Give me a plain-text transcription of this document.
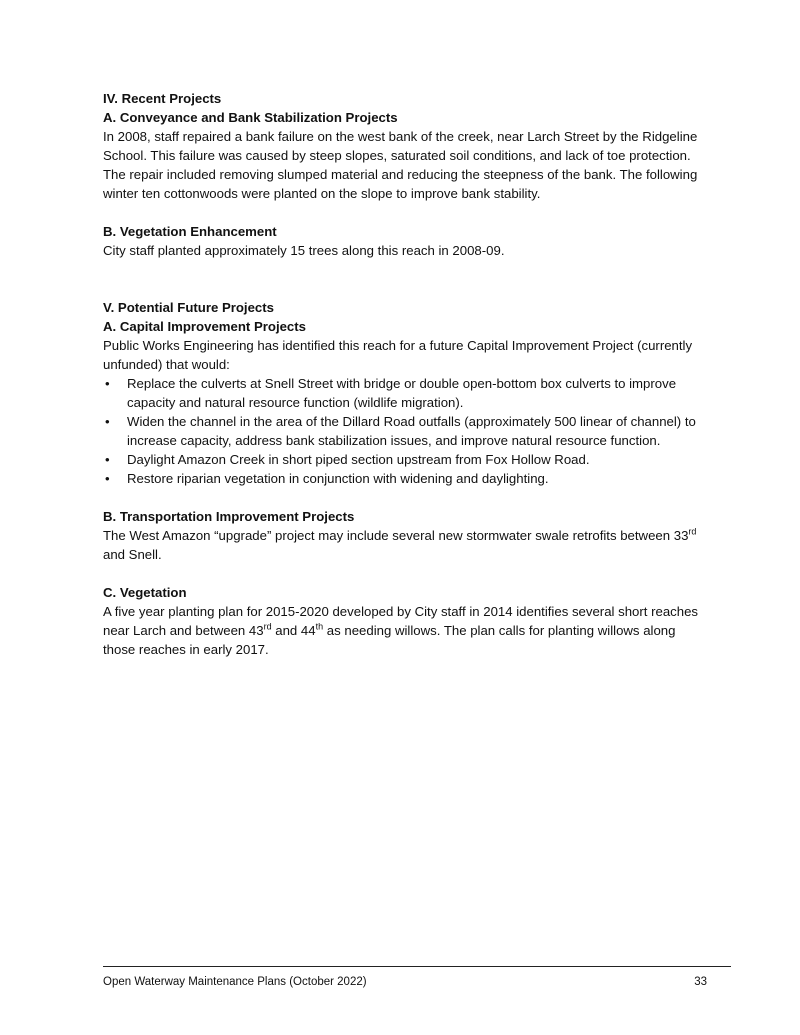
IV. Recent Projects

A. Conveyance and Bank Stabilization Projects

In 2008, staff repaired a bank failure on the west bank of the creek, near Larch Street by the Ridgeline School. This failure was caused by steep slopes, saturated soil conditions, and lack of toe protection. The repair included removing slumped material and reducing the steepness of the bank. The following winter ten cottonwoods were planted on the slope to improve bank stability.

B. Vegetation Enhancement

City staff planted approximately 15 trees along this reach in 2008-09.

V. Potential Future Projects

A. Capital Improvement Projects

Public Works Engineering has identified this reach for a future Capital Improvement Project (currently unfunded) that would:

• Replace the culverts at Snell Street with bridge or double open-bottom box culverts to improve capacity and natural resource function (wildlife migration).
• Widen the channel in the area of the Dillard Road outfalls (approximately 500 linear of channel) to increase capacity, address bank stabilization issues, and improve natural resource function.
• Daylight Amazon Creek in short piped section upstream from Fox Hollow Road.
• Restore riparian vegetation in conjunction with widening and daylighting.

B. Transportation Improvement Projects

The West Amazon “upgrade” project may include several new stormwater swale retrofits between 33rd and Snell.

C. Vegetation

A five year planting plan for 2015-2020 developed by City staff in 2014 identifies several short reaches near Larch and between 43rd and 44th as needing willows. The plan calls for planting willows along those reaches in early 2017.

Open Waterway Maintenance Plans (October 2022)	33
